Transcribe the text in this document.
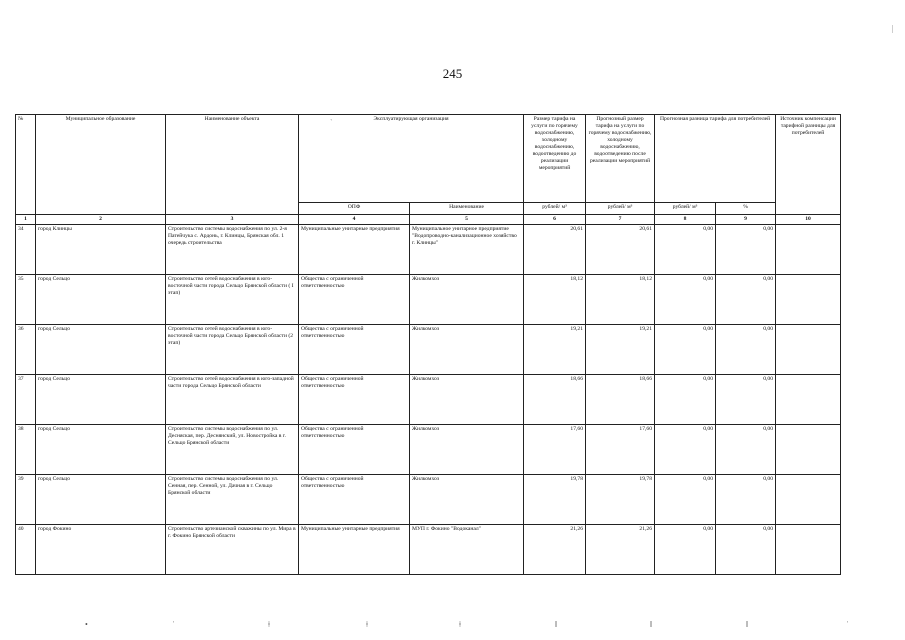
245
№	Муниципальное образование	Наименование объекта	Эксплуатирующая организация		Размер тарифа на услуги по горячему водоснабжению, холодному водоснабжению, водоотведению до реализации мероприятий	Прогнозный размер тарифа на услуги по горячему водоснабжению, холодному водоснабжению, водоотведению после реализации мероприятий	Прогнозная разница тарифа для потребителей		Источник компенсации тарифной разницы для потребителей
			ОПФ	Наименование	рублей/ м³	рублей/ м³	рублей/ м³	%	
1	2	3	4	5	6	7	8	9	10
34	город Клинцы	Строительство системы водоснабжения по ул. 2-я Патейчука с. Ардонь, г. Клинцы, Брянская обл. 1 очередь строительства	Муниципальные унитарные предприятия	Муниципальное унитарное предприятие "Водопроводно-канализационное хозяйство г. Клинцы"	20,61	20,61	0,00	0,00	
35	город Сельцо	Строительство сетей водоснабжения в юго-восточной части города Сельцо Брянской области ( I этап)	Общества с ограниченной ответственностью	Жилкомхоз	18,12	18,12	0,00	0,00	
36	город Сельцо	Строительство сетей водоснабжения в юго-восточной части города Сельцо Брянской области (2 этап)	Общества с ограниченной ответственностью	Жилкомхоз	19,21	19,21	0,00	0,00	
37	город Сельцо	Строительство сетей водоснабжения в юго-западной части города Сельцо Брянской области	Общества с ограниченной ответственностью	Жилкомхоз	18,66	18,66	0,00	0,00	
38	город Сельцо	Строительство системы водоснабжения по ул. Десняская, пер. Деснянский, ул. Новостройка в г. Сельцо Брянской области	Общества с ограниченной ответственностью	Жилкомхоз	17,60	17,60	0,00	0,00	
39	город Сельцо	Строительство системы водоснабжения по ул. Сенная, пер. Сенной, ул. Дачная в г. Сельцо Брянской области	Общества с ограниченной ответственностью	Жилкомхоз	19,78	19,78	0,00	0,00	
40	город Фокино	Строительство артезианской скважины по ул. Мира в г. Фокино Брянской области	Муниципальные унитарные предприятия	МУП г. Фокино "Водоканал"	21,26	21,26	0,00	0,00	
ˋ
|
•	ˈ	ǂ	ǂ	ǂ	ǁ	ǁ	ǁ	ˈ
